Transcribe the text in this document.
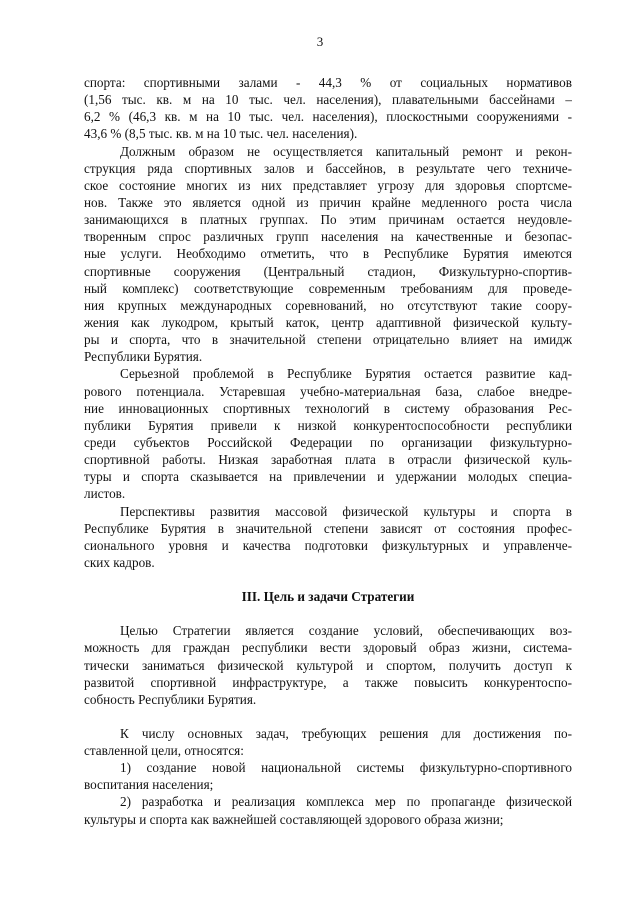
3
спорта: спортивными залами - 44,3 % от социальных нормативов
(1,56 тыс. кв. м на 10 тыс. чел. населения), плавательными бассейнами –
6,2 % (46,3 кв. м на 10 тыс. чел. населения), плоскостными сооружениями -
43,6 % (8,5 тыс. кв. м на 10 тыс. чел. населения).
Должным образом не осуществляется капитальный ремонт и рекон-
струкция ряда спортивных залов и бассейнов, в результате чего техниче-
ское состояние многих из них представляет угрозу для здоровья спортсме-
нов. Также это является одной из причин крайне медленного роста числа
занимающихся в платных группах. По этим причинам остается неудовле-
творенным спрос различных групп населения на качественные и безопас-
ные услуги. Необходимо отметить, что в Республике Бурятия имеются
спортивные сооружения (Центральный стадион, Физкультурно-спортив-
ный комплекс) соответствующие современным требованиям для проведе-
ния крупных международных соревнований, но отсутствуют такие соору-
жения как лукодром, крытый каток, центр адаптивной физической культу-
ры и спорта, что в значительной степени отрицательно влияет на имидж
Республики Бурятия.
Серьезной проблемой в Республике Бурятия остается развитие кад-
рового потенциала. Устаревшая учебно-материальная база, слабое внедре-
ние инновационных спортивных технологий в систему образования Рес-
публики Бурятия привели к низкой конкурентоспособности республики
среди субъектов Российской Федерации по организации физкультурно-
спортивной работы. Низкая заработная плата в отрасли физической куль-
туры и спорта сказывается на привлечении и удержании молодых специа-
листов.
Перспективы развития массовой физической культуры и спорта в
Республике Бурятия в значительной степени зависят от состояния профес-
сионального уровня и качества подготовки физкультурных и управленче-
ских кадров.
III. Цель и задачи Стратегии
Целью Стратегии является создание условий, обеспечивающих воз-
можность для граждан республики вести здоровый образ жизни, система-
тически заниматься физической культурой и спортом, получить доступ к
развитой спортивной инфраструктуре, а также повысить конкурентоспо-
собность Республики Бурятия.
К числу основных задач, требующих решения для достижения по-
ставленной цели, относятся:
1) создание новой национальной системы физкультурно-спортивного
воспитания населения;
2) разработка и реализация комплекса мер по пропаганде физической
культуры и спорта как важнейшей составляющей здорового образа жизни;
